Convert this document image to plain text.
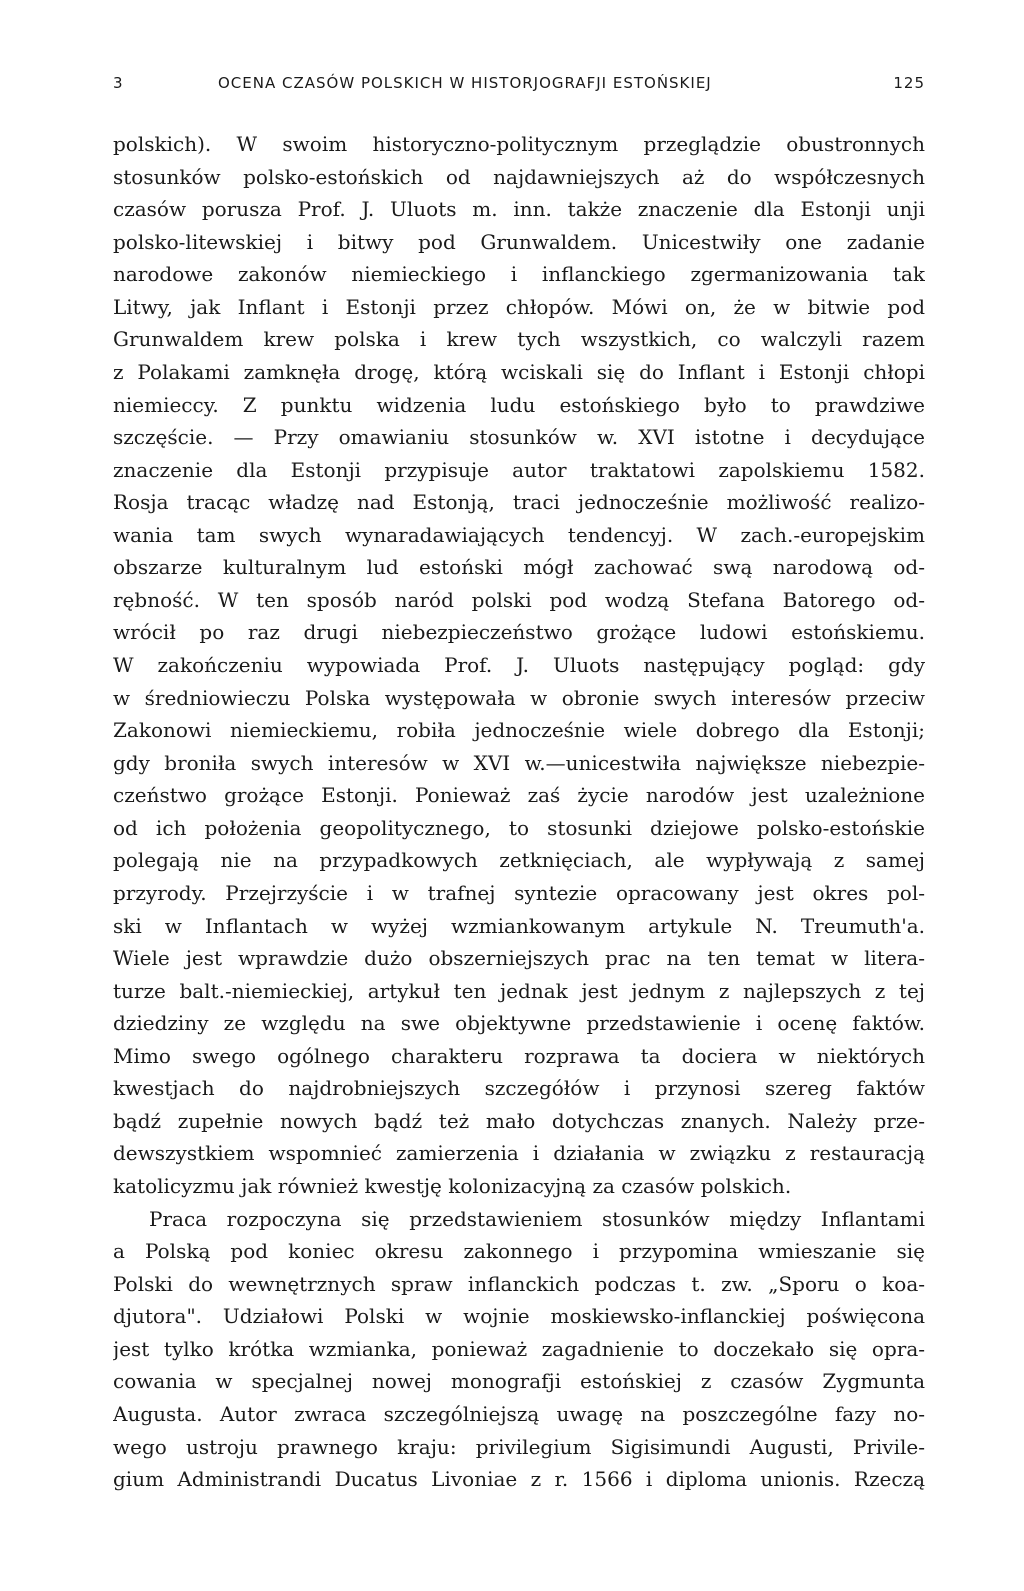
3	OCENA CZASÓW POLSKICH W HISTORJOGRAFJI ESTOŃSKIEJ	125
polskich). W swoim historyczno-politycznym przeglądzie obustronnych
stosunków polsko-estońskich od najdawniejszych aż do współczesnych
czasów porusza Prof. J. Uluots m. inn. także znaczenie dla Estonji unji
polsko-litewskiej i bitwy pod Grunwaldem. Unicestwiły one zadanie
narodowe zakonów niemieckiego i inflanckiego zgermanizowania tak
Litwy, jak Inflant i Estonji przez chłopów. Mówi on, że w bitwie pod
Grunwaldem krew polska i krew tych wszystkich, co walczyli razem
z Polakami zamknęła drogę, którą wciskali się do Inflant i Estonji chłopi
niemieccy. Z punktu widzenia ludu estońskiego było to prawdziwe
szczęście. — Przy omawianiu stosunków w. XVI istotne i decydujące
znaczenie dla Estonji przypisuje autor traktatowi zapolskiemu 1582.
Rosja tracąc władzę nad Estonją, traci jednocześnie możliwość realizo-
wania tam swych wynaradawiających tendencyj. W zach.-europejskim
obszarze kulturalnym lud estoński mógł zachować swą narodową od-
rębność. W ten sposób naród polski pod wodzą Stefana Batorego od-
wrócił po raz drugi niebezpieczeństwo grożące ludowi estońskiemu.
W zakończeniu wypowiada Prof. J. Uluots następujący pogląd: gdy
w średniowieczu Polska występowała w obronie swych interesów przeciw
Zakonowi niemieckiemu, robiła jednocześnie wiele dobrego dla Estonji;
gdy broniła swych interesów w XVI w.—unicestwiła największe niebezpie-
czeństwo grożące Estonji. Ponieważ zaś życie narodów jest uzależnione
od ich położenia geopolitycznego, to stosunki dziejowe polsko-estońskie
polegają nie na przypadkowych zetknięciach, ale wypływają z samej
przyrody. Przejrzyście i w trafnej syntezie opracowany jest okres pol-
ski w Inflantach w wyżej wzmiankowanym artykule N. Treumuth'a.
Wiele jest wprawdzie dużo obszerniejszych prac na ten temat w litera-
turze balt.-niemieckiej, artykuł ten jednak jest jednym z najlepszych z tej
dziedziny ze względu na swe objektywne przedstawienie i ocenę faktów.
Mimo swego ogólnego charakteru rozprawa ta dociera w niektórych
kwestjach do najdrobniejszych szczegółów i przynosi szereg faktów
bądź zupełnie nowych bądź też mało dotychczas znanych. Należy prze-
dewszystkiem wspomnieć zamierzenia i działania w związku z restauracją
katolicyzmu jak również kwestję kolonizacyjną za czasów polskich.
Praca rozpoczyna się przedstawieniem stosunków między Inflantami
a Polską pod koniec okresu zakonnego i przypomina wmieszanie się
Polski do wewnętrznych spraw inflanckich podczas t. zw. „Sporu o koa-
djutora". Udziałowi Polski w wojnie moskiewsko-inflanckiej poświęcona
jest tylko krótka wzmianka, ponieważ zagadnienie to doczekało się opra-
cowania w specjalnej nowej monografji estońskiej z czasów Zygmunta
Augusta. Autor zwraca szczególniejszą uwagę na poszczególne fazy no-
wego ustroju prawnego kraju: privilegium Sigisimundi Augusti, Privile-
gium Administrandi Ducatus Livoniae z r. 1566 i diploma unionis. Rzeczą
